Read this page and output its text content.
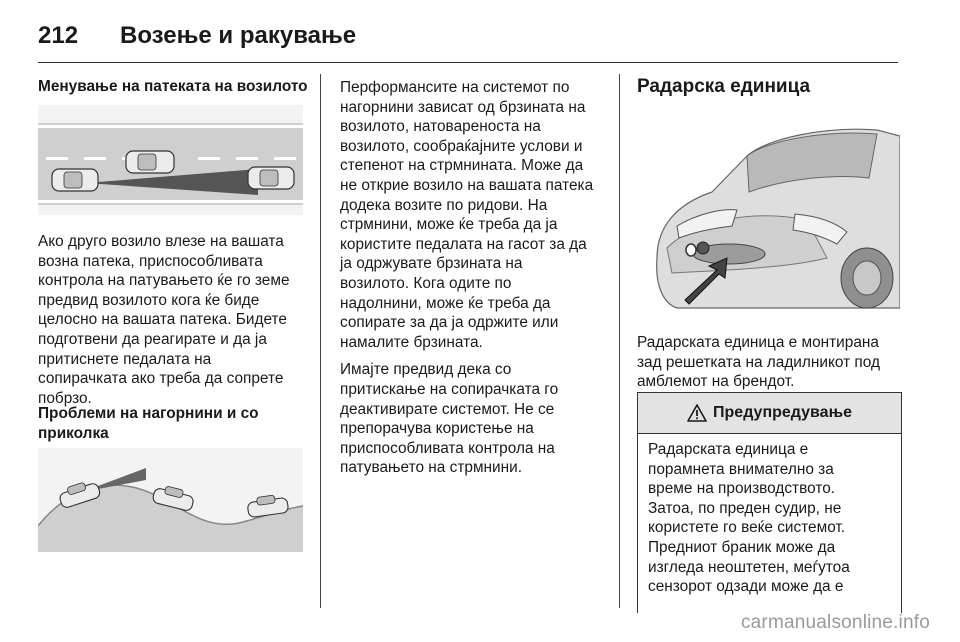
212 Возење и ракување

Менување на патеката на возилото

Ако друго возило влезе на вашата

возна патека, приспособливата

контрола на патувањето ќе го земе

предвид возилото кога ќе биде

целосно на вашата патека. Бидете

подготвени да реагирате и да ја

притиснете педалата на

сопирачката ако треба да сопрете

побрзо.

Проблеми на нагорнини и со

приколка

Перформансите на системот по

нагорнини зависат од брзината на

возилото, натовареноста на

возилото, сообраќајните услови и

степенот на стрмнината. Може да

не открие возило на вашата патека

додека возите по ридови. На

стрмнини, може ќе треба да ја

користите педалата на гасот за да

ја одржувате брзината на

возилото. Кога одите по

надолнини, може ќе треба да

сопирате за да ја одржите или

намалите брзината.

Имајте предвид дека со

притискање на сопирачката го

деактивирате системот. Не се

препорачува користење на

приспособливата контрола на

патувањето на стрмнини.

Радарска единица

Радарската единица е монтирана

зад решетката на ладилникот под

амблемот на брендот.

Предупредување

Радарската единица е

порамнета внимателно за

време на производството.

Затоа, по преден судир, не

користете го веќе системот.

Предниот браник може да

изгледа неоштетен, меѓутоа

сензорот одзади може да е

carmanualsonline.info
